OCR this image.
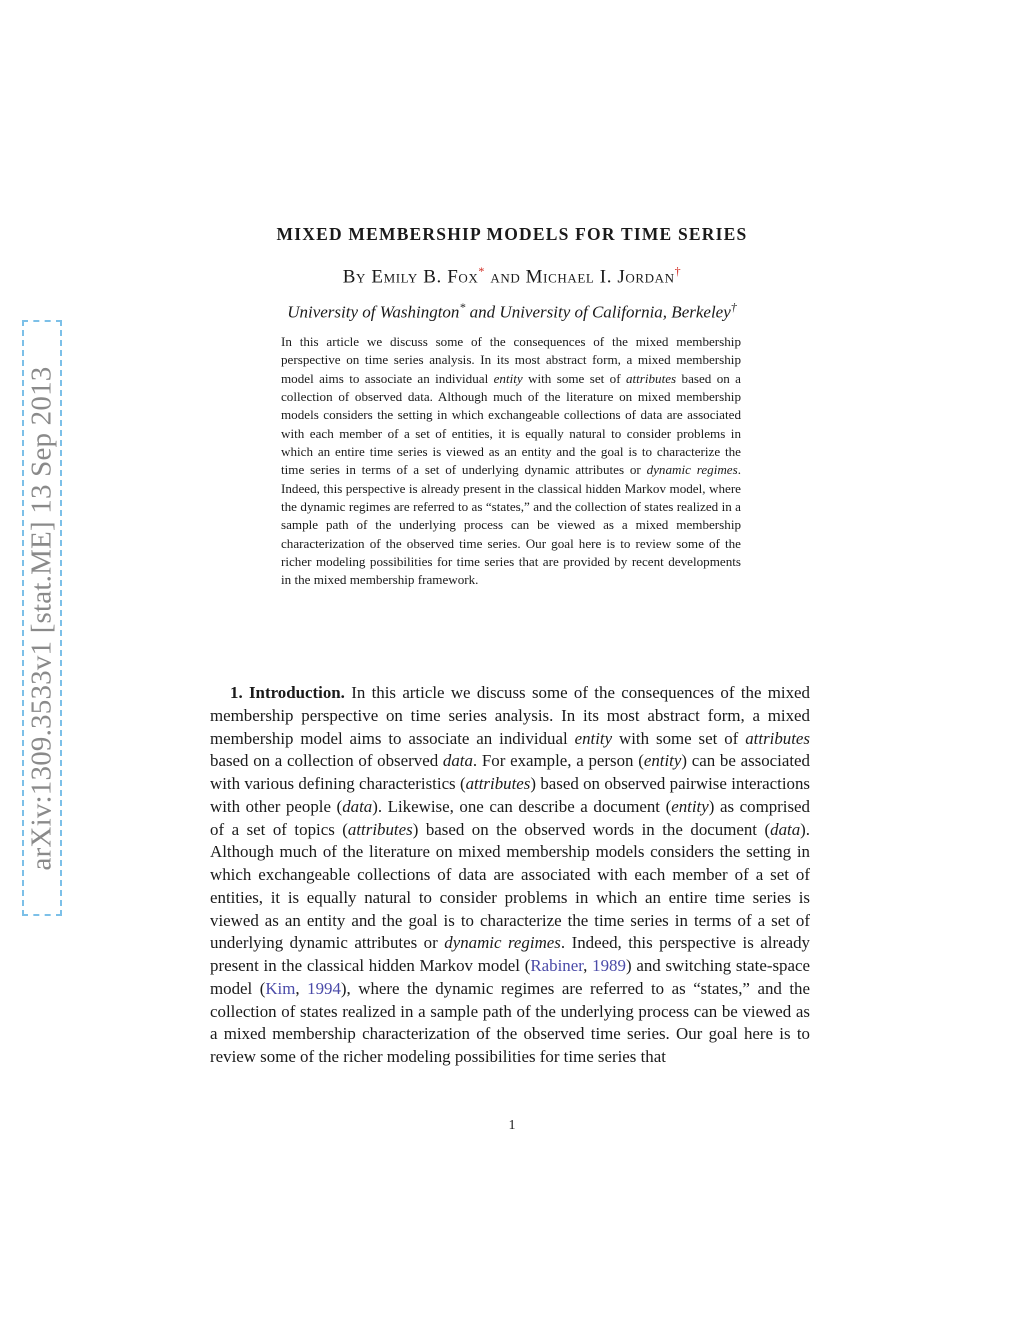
arXiv:1309.3533v1 [stat.ME] 13 Sep 2013
MIXED MEMBERSHIP MODELS FOR TIME SERIES
By Emily B. Fox* and Michael I. Jordan†
University of Washington* and University of California, Berkeley†

In this article we discuss some of the consequences of the mixed membership perspective on time series analysis. In its most abstract form, a mixed membership model aims to associate an individual entity with some set of attributes based on a collection of observed data. Although much of the literature on mixed membership models considers the setting in which exchangeable collections of data are associated with each member of a set of entities, it is equally natural to consider problems in which an entire time series is viewed as an entity and the goal is to characterize the time series in terms of a set of underlying dynamic attributes or dynamic regimes. Indeed, this perspective is already present in the classical hidden Markov model, where the dynamic regimes are referred to as “states,” and the collection of states realized in a sample path of the underlying process can be viewed as a mixed membership characterization of the observed time series. Our goal here is to review some of the richer modeling possibilities for time series that are provided by recent developments in the mixed membership framework.

1. Introduction. In this article we discuss some of the consequences of the mixed membership perspective on time series analysis. In its most abstract form, a mixed membership model aims to associate an individual entity with some set of attributes based on a collection of observed data. For example, a person (entity) can be associated with various defining characteristics (attributes) based on observed pairwise interactions with other people (data). Likewise, one can describe a document (entity) as comprised of a set of topics (attributes) based on the observed words in the document (data). Although much of the literature on mixed membership models considers the setting in which exchangeable collections of data are associated with each member of a set of entities, it is equally natural to consider problems in which an entire time series is viewed as an entity and the goal is to characterize the time series in terms of a set of underlying dynamic attributes or dynamic regimes. Indeed, this perspective is already present in the classical hidden Markov model (Rabiner, 1989) and switching state-space model (Kim, 1994), where the dynamic regimes are referred to as “states,” and the collection of states realized in a sample path of the underlying process can be viewed as a mixed membership characterization of the observed time series. Our goal here is to review some of the richer modeling possibilities for time series that

1
